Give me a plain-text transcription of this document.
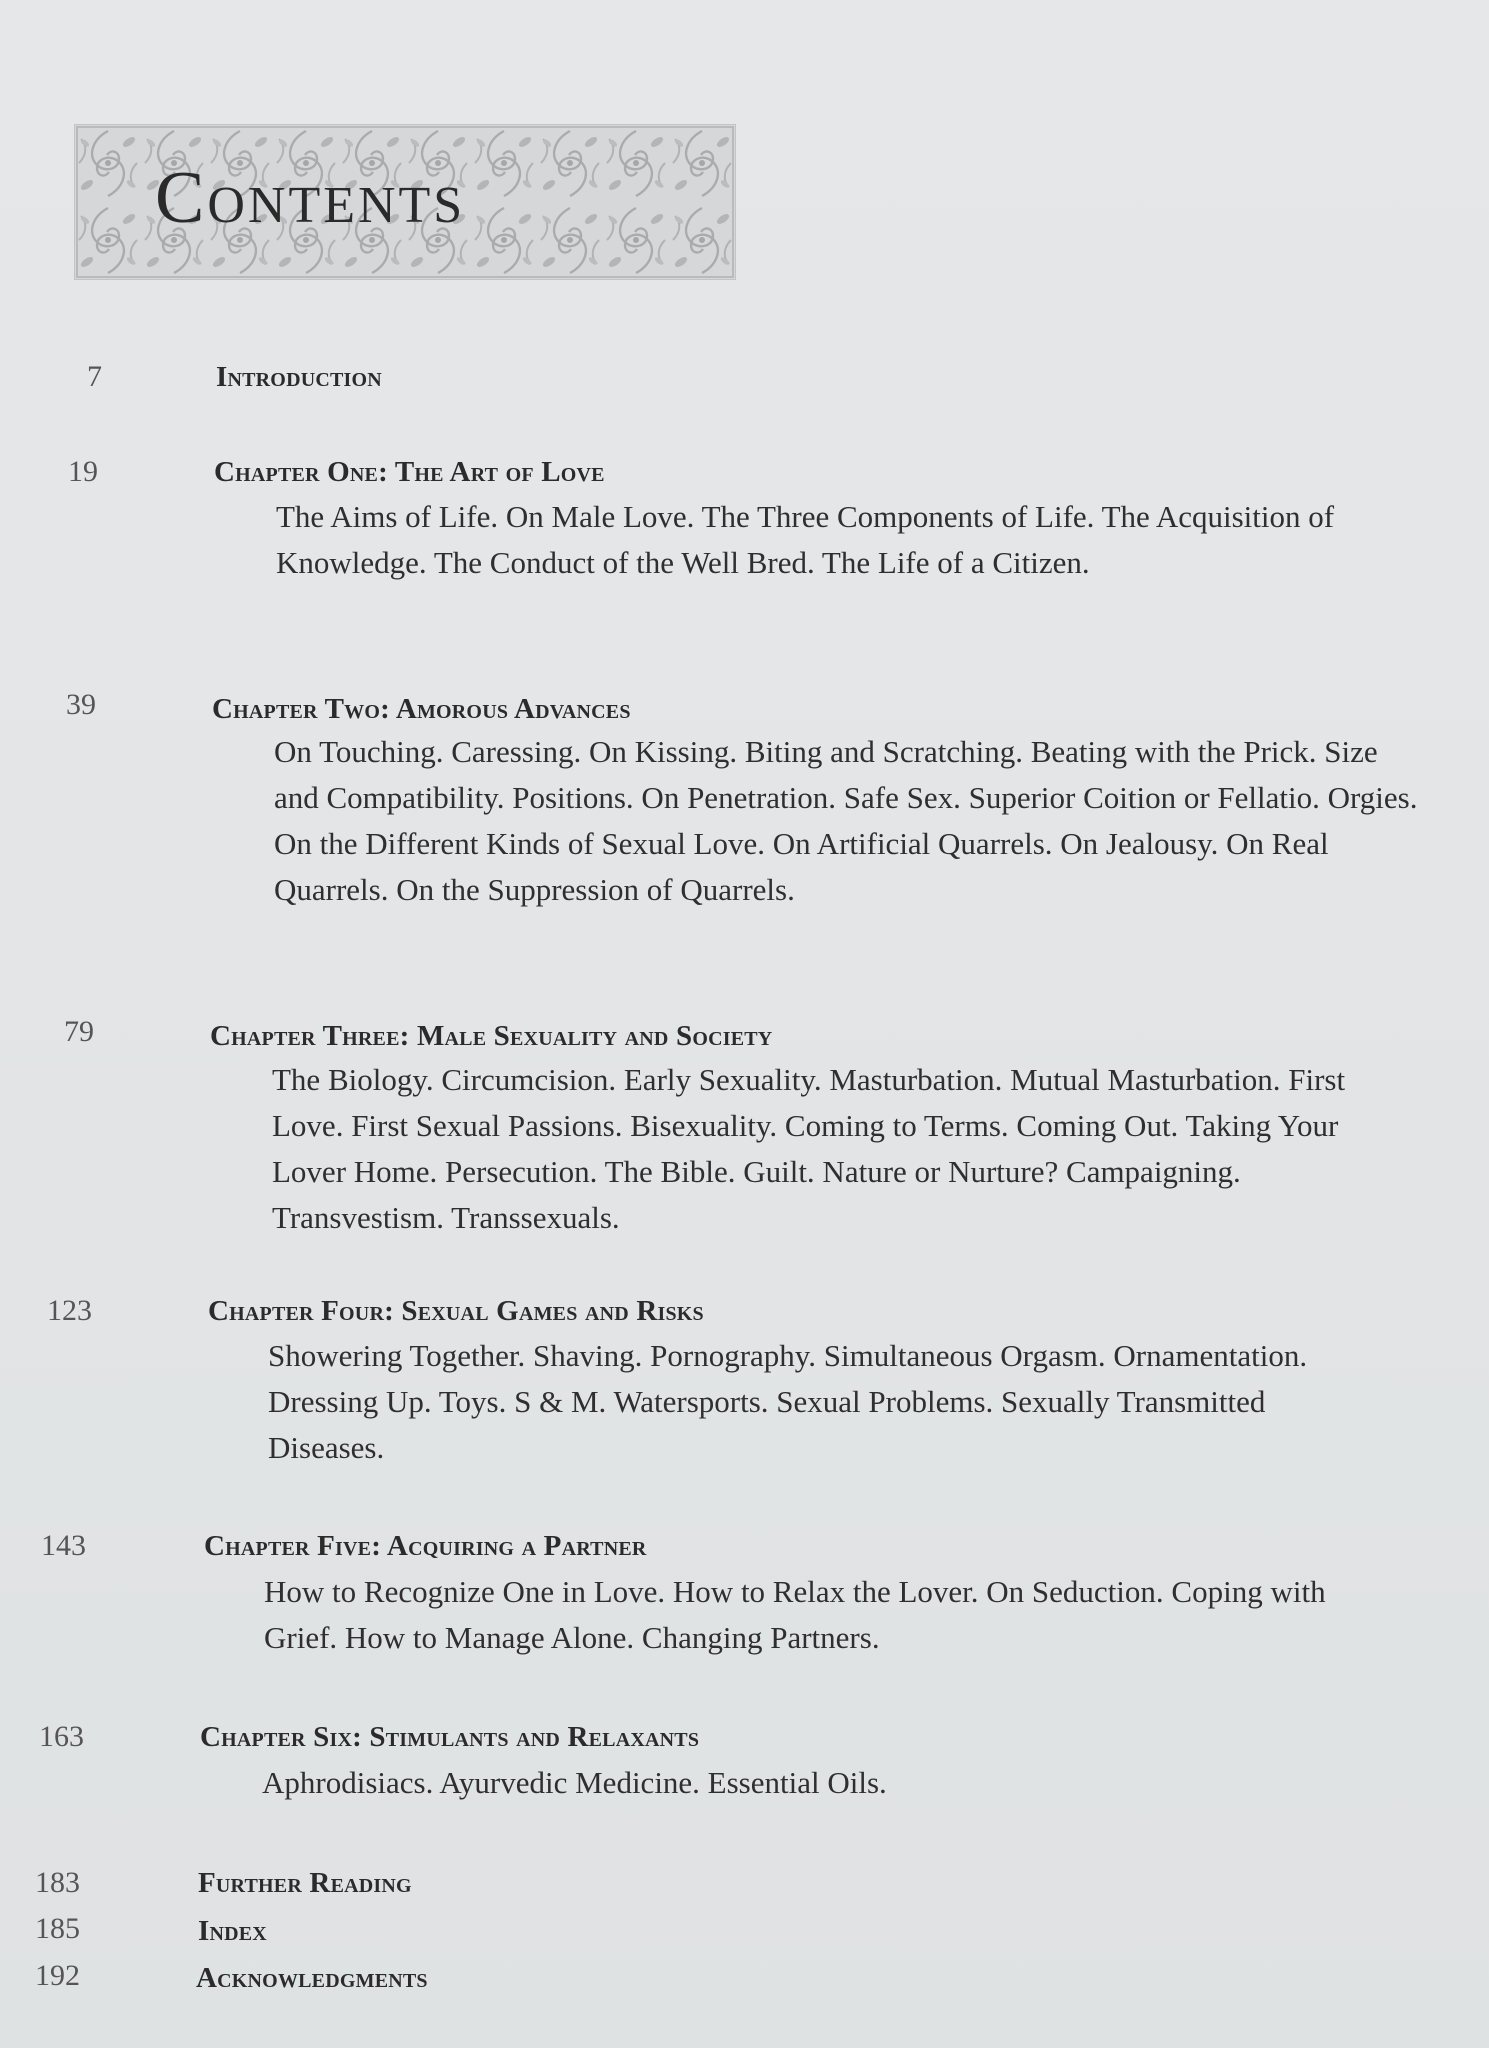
Contents
7	Introduction
19	Chapter One: The Art of Love

The Aims of Life. On Male Love. The Three Components of Life. The Acquisition of Knowledge. The Conduct of the Well Bred. The Life of a Citizen.

39	Chapter Two: Amorous Advances

On Touching. Caressing. On Kissing. Biting and Scratching. Beating with the Prick. Size and Compatibility. Positions. On Penetration. Safe Sex. Superior Coition or Fellatio. Orgies. On the Different Kinds of Sexual Love. On Artificial Quarrels. On Jealousy. On Real Quarrels. On the Suppression of Quarrels.

79	Chapter Three: Male Sexuality and Society

The Biology. Circumcision. Early Sexuality. Masturbation. Mutual Masturbation. First Love. First Sexual Passions. Bisexuality. Coming to Terms. Coming Out. Taking Your Lover Home. Persecution. The Bible. Guilt. Nature or Nurture? Campaigning. Transvestism. Transsexuals.

123	Chapter Four: Sexual Games and Risks

Showering Together. Shaving. Pornography. Simultaneous Orgasm. Ornamentation. Dressing Up. Toys. S & M. Watersports. Sexual Problems. Sexually Transmitted Diseases.

143	Chapter Five: Acquiring a Partner

How to Recognize One in Love. How to Relax the Lover. On Seduction. Coping with Grief. How to Manage Alone. Changing Partners.

163	Chapter Six: Stimulants and Relaxants

Aphrodisiacs. Ayurvedic Medicine. Essential Oils.

183	Further Reading
185	Index
192	Acknowledgments
